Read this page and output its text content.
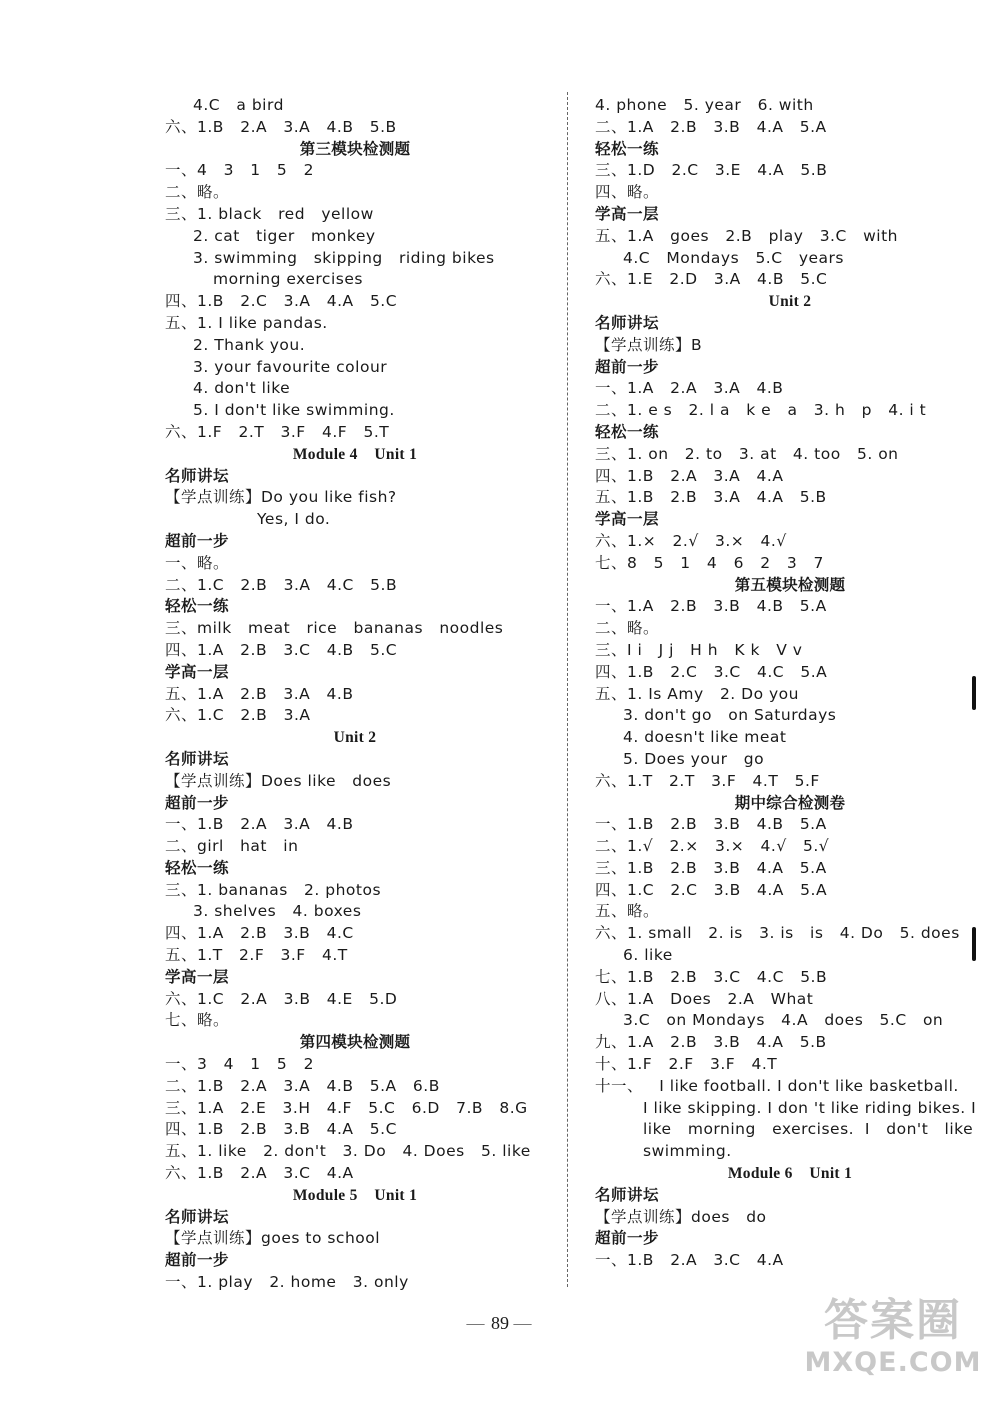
4.C   a bird
六、1.B   2.A   3.A   4.B   5.B
第三模块检测题
一、4   3   1   5   2
二、略。
三、1. black   red   yellow
2. cat   tiger   monkey
3. swimming   skipping   riding bikes
morning exercises
四、1.B   2.C   3.A   4.A   5.C
五、1. I like pandas.
2. Thank you.
3. your favourite colour
4. don't like
5. I don't like swimming.
六、1.F   2.T   3.F   4.F   5.T
Module 4    Unit 1
名师讲坛
【学点训练】Do you like fish?
Yes, I do.
超前一步
一、略。
二、1.C   2.B   3.A   4.C   5.B
轻松一练
三、milk   meat   rice   bananas   noodles
四、1.A   2.B   3.C   4.B   5.C
学高一层
五、1.A   2.B   3.A   4.B
六、1.C   2.B   3.A
Unit 2
名师讲坛
【学点训练】Does like   does
超前一步
一、1.B   2.A   3.A   4.B
二、girl   hat   in
轻松一练
三、1. bananas   2. photos
3. shelves   4. boxes
四、1.A   2.B   3.B   4.C
五、1.T   2.F   3.F   4.T
学高一层
六、1.C   2.A   3.B   4.E   5.D
七、略。
第四模块检测题
一、3   4   1   5   2
二、1.B   2.A   3.A   4.B   5.A   6.B
三、1.A   2.E   3.H   4.F   5.C   6.D   7.B   8.G
四、1.B   2.B   3.B   4.A   5.C
五、1. like   2. don't   3. Do   4. Does   5. like
六、1.B   2.A   3.C   4.A
Module 5    Unit 1
名师讲坛
【学点训练】goes to school
超前一步
一、1. play   2. home   3. only
4. phone   5. year   6. with
二、1.A   2.B   3.B   4.A   5.A
轻松一练
三、1.D   2.C   3.E   4.A   5.B
四、略。
学高一层
五、1.A   goes   2.B   play   3.C   with
4.C   Mondays   5.C   years
六、1.E   2.D   3.A   4.B   5.C
Unit 2
名师讲坛
【学点训练】B
超前一步
一、1.A   2.A   3.A   4.B
二、1. e s   2. l a   k e   a   3. h   p   4. i t
轻松一练
三、1. on   2. to   3. at   4. too   5. on
四、1.B   2.A   3.A   4.A
五、1.B   2.B   3.A   4.A   5.B
学高一层
六、1.×   2.√   3.×   4.√
七、8   5   1   4   6   2   3   7
第五模块检测题
一、1.A   2.B   3.B   4.B   5.A
二、略。
三、I i   J j   H h   K k   V v
四、1.B   2.C   3.C   4.C   5.A
五、1. Is Amy   2. Do you
3. don't go   on Saturdays
4. doesn't like meat
5. Does your   go
六、1.T   2.T   3.F   4.T   5.F
期中综合检测卷
一、1.B   2.B   3.B   4.B   5.A
二、1.√   2.×   3.×   4.√   5.√
三、1.B   2.B   3.B   4.A   5.A
四、1.C   2.C   3.B   4.A   5.A
五、略。
六、1. small   2. is   3. is   is   4. Do   5. does
6. like
七、1.B   2.B   3.C   4.C   5.B
八、1.A   Does   2.A   What
3.C   on Mondays   4.A   does   5.C   on
九、1.A   2.B   3.B   4.A   5.B
十、1.F   2.F   3.F   4.T
十一、   I like football. I don't like basketball.
I like skipping. I don 't like riding bikes. I
like   morning   exercises.  I   don't   like
swimming.
Module 6    Unit 1
名师讲坛
【学点训练】does   do
超前一步
一、1.B   2.A   3.C   4.A
— 89 —	答案圈
MXQE.COM
